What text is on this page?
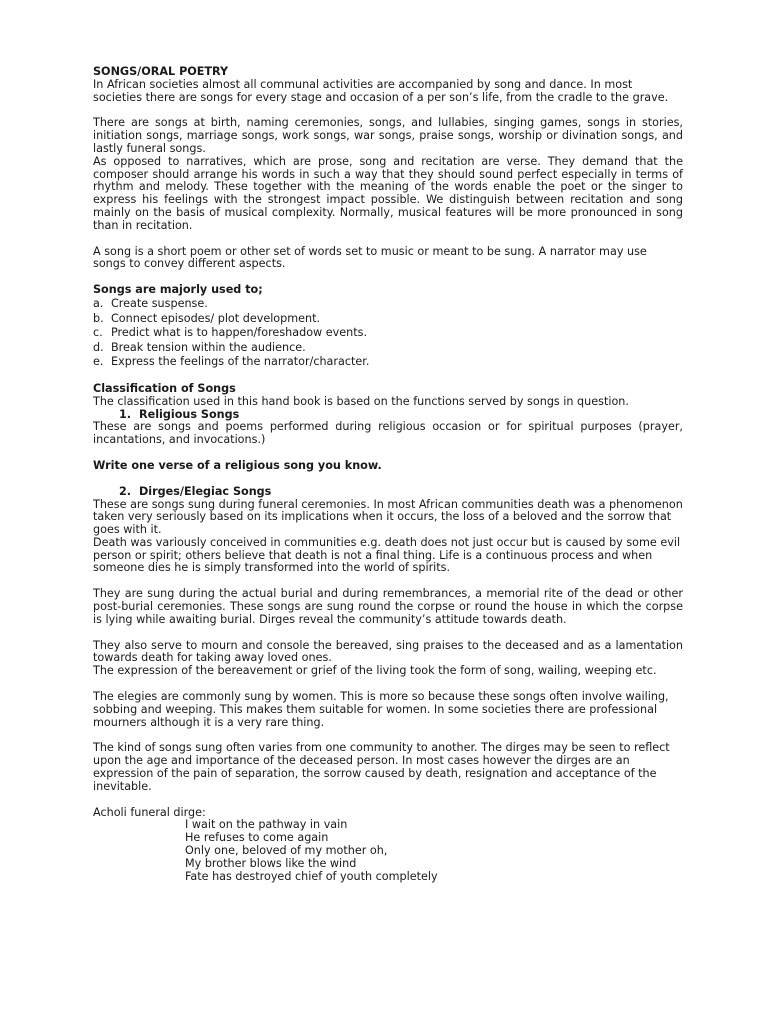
SONGS/ORAL POETRY

In African societies almost all communal activities are accompanied by song and dance. In most societies there are songs for every stage and occasion of a per son’s life, from the cradle to the grave.

There are songs at birth, naming ceremonies, songs, and lullabies, singing games, songs in stories, initiation songs, marriage songs, work songs, war songs, praise songs, worship or divination songs, and lastly funeral songs.

As opposed to narratives, which are prose, song and recitation are verse. They demand that the composer should arrange his words in such a way that they should sound perfect especially in terms of rhythm and melody. These together with the meaning of the words enable the poet or the singer to express his feelings with the strongest impact possible. We distinguish between recitation and song mainly on the basis of musical complexity. Normally, musical features will be more pronounced in song than in recitation.

A song is a short poem or other set of words set to music or meant to be sung. A narrator may use songs to convey different aspects.

Songs are majorly used to;

a. Create suspense.
b. Connect episodes/ plot development.
c. Predict what is to happen/foreshadow events.
d. Break tension within the audience.
e. Express the feelings of the narrator/character.

Classification of Songs

The classification used in this hand book is based on the functions served by songs in question.

1. Religious Songs

These are songs and poems performed during religious occasion or for spiritual purposes (prayer, incantations, and invocations.)

Write one verse of a religious song you know.

2. Dirges/Elegiac Songs

These are songs sung during funeral ceremonies. In most African communities death was a phenomenon taken very seriously based on its implications when it occurs, the loss of a beloved and the sorrow that goes with it.

Death was variously conceived in communities e.g. death does not just occur but is caused by some evil person or spirit; others believe that death is not a final thing. Life is a continuous process and when someone dies he is simply transformed into the world of spirits.

They are sung during the actual burial and during remembrances, a memorial rite of the dead or other post-burial ceremonies. These songs are sung round the corpse or round the house in which the corpse is lying while awaiting burial. Dirges reveal the community’s attitude towards death.

They also serve to mourn and console the bereaved, sing praises to the deceased and as a lamentation towards death for taking away loved ones.

The expression of the bereavement or grief of the living took the form of song, wailing, weeping etc.

The elegies are commonly sung by women. This is more so because these songs often involve wailing, sobbing and weeping. This makes them suitable for women. In some societies there are professional mourners although it is a very rare thing.

The kind of songs sung often varies from one community to another. The dirges may be seen to reflect upon the age and importance of the deceased person. In most cases however the dirges are an expression of the pain of separation, the sorrow caused by death, resignation and acceptance of the inevitable.

Acholi funeral dirge:

I wait on the pathway in vain

He refuses to come again

Only one, beloved of my mother oh,

My brother blows like the wind

Fate has destroyed chief of youth completely
